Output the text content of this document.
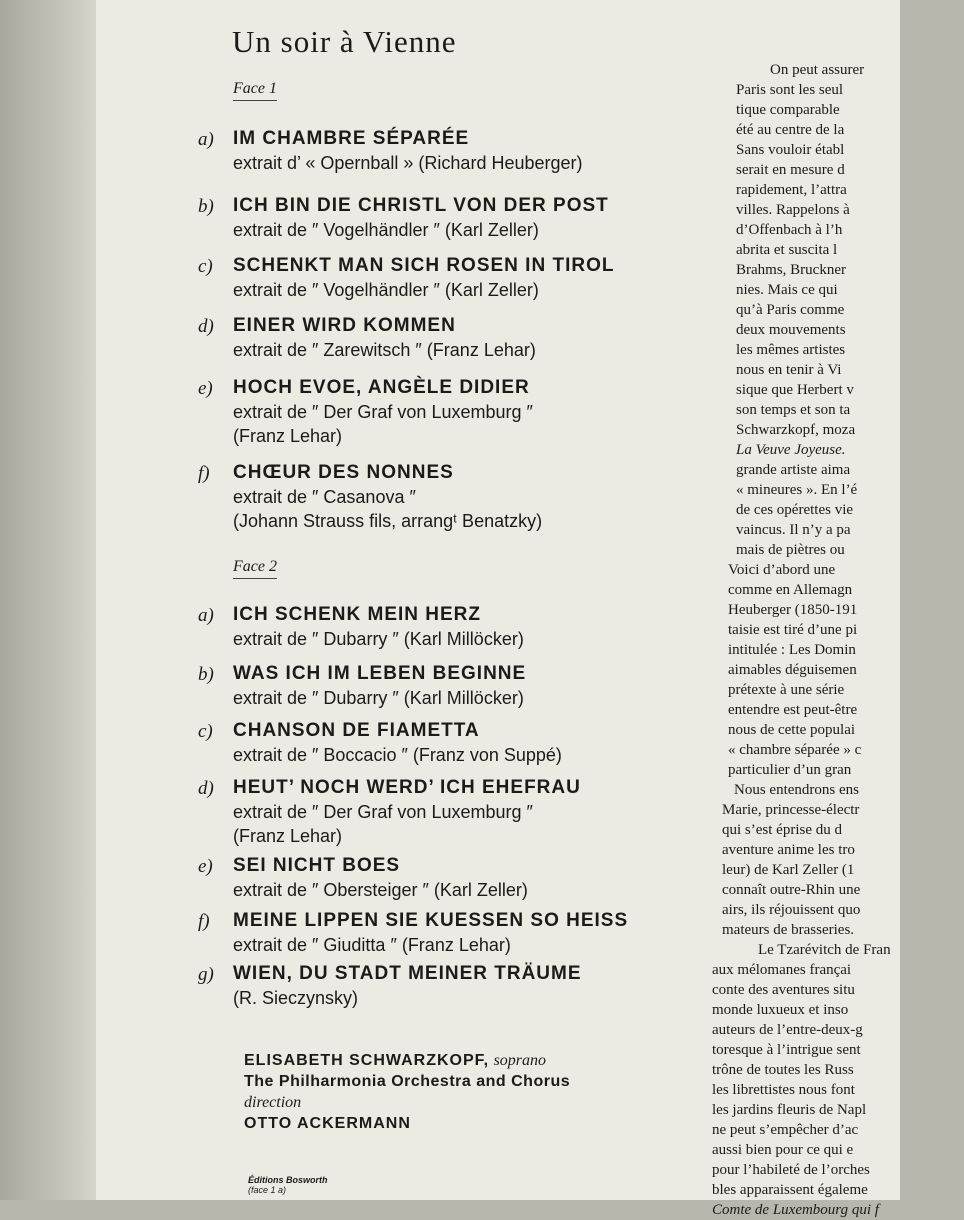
Un soir à Vienne
Face 1
a) IM CHAMBRE SÉPARÉE
extrait d’ « Opernball » (Richard Heuberger)
b) ICH BIN DIE CHRISTL VON DER POST
extrait de ″ Vogelhändler ″ (Karl Zeller)
c) SCHENKT MAN SICH ROSEN IN TIROL
extrait de ″ Vogelhändler ″ (Karl Zeller)
d) EINER WIRD KOMMEN
extrait de ″ Zarewitsch ″ (Franz Lehar)
e) HOCH EVOE, ANGÈLE DIDIER
extrait de ″ Der Graf von Luxemburg ″
(Franz Lehar)
f) CHŒUR DES NONNES
extrait de ″ Casanova ″
(Johann Strauss fils, arrangᵗ Benatzky)
Face 2
a) ICH SCHENK MEIN HERZ
extrait de ″ Dubarry ″ (Karl Millöcker)
b) WAS ICH IM LEBEN BEGINNE
extrait de ″ Dubarry ″ (Karl Millöcker)
c) CHANSON DE FIAMETTA
extrait de ″ Boccacio ″ (Franz von Suppé)
d) HEUT’ NOCH WERD’ ICH EHEFRAU
extrait de ″ Der Graf von Luxemburg ″
(Franz Lehar)
e) SEI NICHT BOES
extrait de ″ Obersteiger ″ (Karl Zeller)
f) MEINE LIPPEN SIE KUESSEN SO HEISS
extrait de ″ Giuditta ″ (Franz Lehar)
g) WIEN, DU STADT MEINER TRÄUME
(R. Sieczynsky)
ELISABETH SCHWARZKOPF, soprano
The Philharmonia Orchestra and Chorus
direction
OTTO ACKERMANN
Éditions Bosworth
(face 1 a)
On peut assurer
Paris sont les seul
tique comparable
été au centre de la
Sans vouloir établ
serait en mesure d
rapidement, l’attra
villes. Rappelons à
d’Offenbach à l’h
abrita et suscita l
Brahms, Bruckner
nies. Mais ce qui
qu’à Paris comme
deux mouvements
les mêmes artistes
nous en tenir à Vi
sique que Herbert v
son temps et son ta
Schwarzkopf, moza
La Veuve Joyeuse.
grande artiste aima
« mineures ». En l’é
de ces opérettes vie
vaincus. Il n’y a pa
mais de piètres ou
Voici d’abord une
comme en Allemagn
Heuberger (1850-191
taisie est tiré d’une pi
intitulée : Les Domin
aimables déguisemen
prétexte à une série
entendre est peut-être
nous de cette populai
« chambre séparée » c
particulier d’un gran
Nous entendrons ens
Marie, princesse-électr
qui s’est éprise du d
aventure anime les tro
leur) de Karl Zeller (1
connaît outre-Rhin une
airs, ils réjouissent quo
mateurs de brasseries.
Le Tzarévitch de Fran
aux mélomanes françai
conte des aventures situ
monde luxueux et inso
auteurs de l’entre-deux-g
toresque à l’intrigue sent
trône de toutes les Russ
les librettistes nous font
les jardins fleuris de Napl
ne peut s’empêcher d’ac
aussi bien pour ce qui e
pour l’habileté de l’orches
bles apparaissent égaleme
Comte de Luxembourg qui f
